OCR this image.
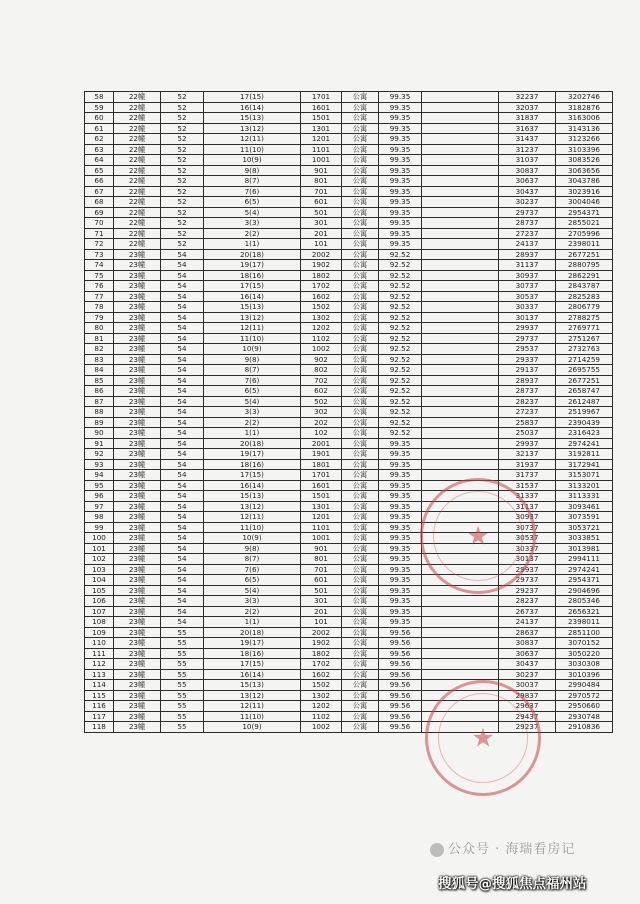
58	22幢	52	17(15)	1701	公寓	99.35		32237	3202746
59	22幢	52	16(14)	1601	公寓	99.35		32037	3182876
60	22幢	52	15(13)	1501	公寓	99.35		31837	3163006
61	22幢	52	13(12)	1301	公寓	99.35		31637	3143136
62	22幢	52	12(11)	1201	公寓	99.35		31437	3123266
63	22幢	52	11(10)	1101	公寓	99.35		31237	3103396
64	22幢	52	10(9)	1001	公寓	99.35		31037	3083526
65	22幢	52	9(8)	901	公寓	99.35		30837	3063656
66	22幢	52	8(7)	801	公寓	99.35		30637	3043786
67	22幢	52	7(6)	701	公寓	99.35		30437	3023916
68	22幢	52	6(5)	601	公寓	99.35		30237	3004046
69	22幢	52	5(4)	501	公寓	99.35		29737	2954371
70	22幢	52	3(3)	301	公寓	99.35		28737	2855021
71	22幢	52	2(2)	201	公寓	99.35		27237	2705996
72	22幢	52	1(1)	101	公寓	99.35		24137	2398011
73	23幢	54	20(18)	2002	公寓	92.52		28937	2677251
74	23幢	54	19(17)	1902	公寓	92.52		31137	2880795
75	23幢	54	18(16)	1802	公寓	92.52		30937	2862291
76	23幢	54	17(15)	1702	公寓	92.52		30737	2843787
77	23幢	54	16(14)	1602	公寓	92.52		30537	2825283
78	23幢	54	15(13)	1502	公寓	92.52		30337	2806779
79	23幢	54	13(12)	1302	公寓	92.52		30137	2788275
80	23幢	54	12(11)	1202	公寓	92.52		29937	2769771
81	23幢	54	11(10)	1102	公寓	92.52		29737	2751267
82	23幢	54	10(9)	1002	公寓	92.52		29537	2732763
83	23幢	54	9(8)	902	公寓	92.52		29337	2714259
84	23幢	54	8(7)	802	公寓	92.52		29137	2695755
85	23幢	54	7(6)	702	公寓	92.52		28937	2677251
86	23幢	54	6(5)	602	公寓	92.52		28737	2658747
87	23幢	54	5(4)	502	公寓	92.52		28237	2612487
88	23幢	54	3(3)	302	公寓	92.52		27237	2519967
89	23幢	54	2(2)	202	公寓	92.52		25837	2390439
90	23幢	54	1(1)	102	公寓	92.52		25037	2316423
91	23幢	54	20(18)	2001	公寓	99.35		29937	2974241
92	23幢	54	19(17)	1901	公寓	99.35		32137	3192811
93	23幢	54	18(16)	1801	公寓	99.35		31937	3172941
94	23幢	54	17(15)	1701	公寓	99.35		31737	3153071
95	23幢	54	16(14)	1601	公寓	99.35		31537	3133201
96	23幢	54	15(13)	1501	公寓	99.35		31337	3113331
97	23幢	54	13(12)	1301	公寓	99.35		31137	3093461
98	23幢	54	12(11)	1201	公寓	99.35		30937	3073591
99	23幢	54	11(10)	1101	公寓	99.35		30737	3053721
100	23幢	54	10(9)	1001	公寓	99.35		30537	3033851
101	23幢	54	9(8)	901	公寓	99.35		30337	3013981
102	23幢	54	8(7)	801	公寓	99.35		30137	2994111
103	23幢	54	7(6)	701	公寓	99.35		29937	2974241
104	23幢	54	6(5)	601	公寓	99.35		29737	2954371
105	23幢	54	5(4)	501	公寓	99.35		29237	2904696
106	23幢	54	3(3)	301	公寓	99.35		28237	2805346
107	23幢	54	2(2)	201	公寓	99.35		26737	2656321
108	23幢	54	1(1)	101	公寓	99.35		24137	2398011
109	23幢	55	20(18)	2002	公寓	99.56		28637	2851100
110	23幢	55	19(17)	1902	公寓	99.56		30837	3070152
111	23幢	55	18(16)	1802	公寓	99.56		30637	3050220
112	23幢	55	17(15)	1702	公寓	99.56		30437	3030308
113	23幢	55	16(14)	1602	公寓	99.56		30237	3010396
114	23幢	55	15(13)	1502	公寓	99.56		30037	2990484
115	23幢	55	13(12)	1302	公寓	99.56		29837	2970572
116	23幢	55	12(11)	1202	公寓	99.56		29637	2950660
117	23幢	55	11(10)	1102	公寓	99.56		29437	2930748
118	23幢	55	10(9)	1002	公寓	99.56		29237	2910836
★
★
公众号 · 海瑞看房记
搜狐号@搜狐焦点福州站
